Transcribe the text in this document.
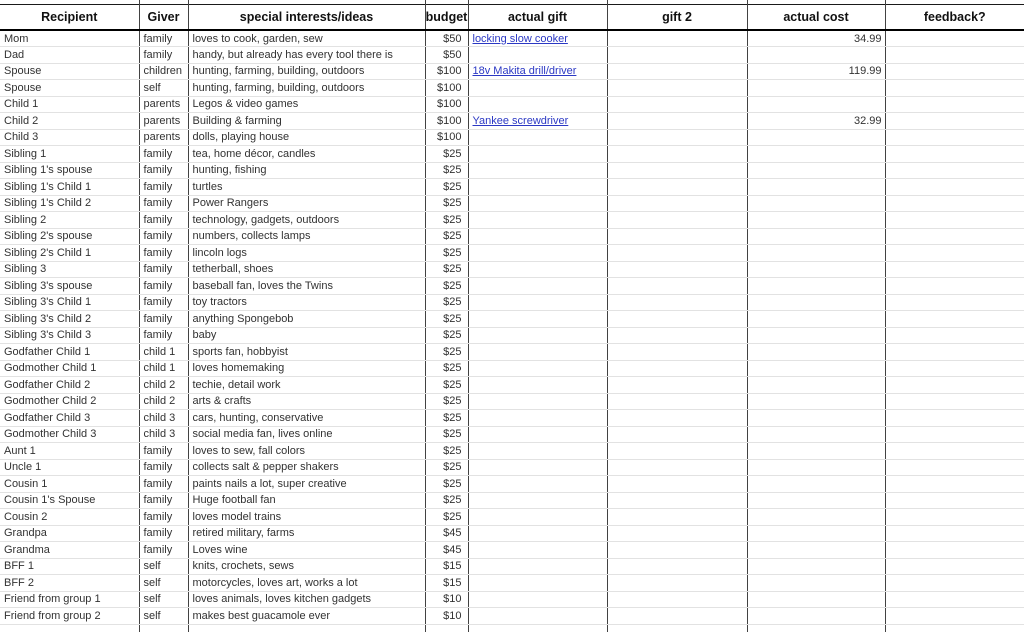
Recipient	Giver	special interests/ideas	budget	actual gift	gift 2	actual cost	feedback?
Mom	family	loves to cook, garden, sew	$50	locking slow cooker		34.99	
Dad	family	handy, but already has every tool there is	$50				
Spouse	children	hunting, farming, building, outdoors	$100	18v Makita drill/driver		119.99	
Spouse	self	hunting, farming, building, outdoors	$100				
Child 1	parents	Legos & video games	$100				
Child 2	parents	Building & farming	$100	Yankee screwdriver		32.99	
Child 3	parents	dolls, playing house	$100				
Sibling 1	family	tea, home décor, candles	$25				
Sibling 1's spouse	family	hunting, fishing	$25				
Sibling 1's Child 1	family	turtles	$25				
Sibling 1's Child 2	family	Power Rangers	$25				
Sibling 2	family	technology, gadgets, outdoors	$25				
Sibling 2's spouse	family	numbers, collects lamps	$25				
Sibling 2's Child 1	family	lincoln logs	$25				
Sibling 3	family	tetherball, shoes	$25				
Sibling 3's spouse	family	baseball fan, loves the Twins	$25				
Sibling 3's Child 1	family	toy tractors	$25				
Sibling 3's Child 2	family	anything Spongebob	$25				
Sibling 3's Child 3	family	baby	$25				
Godfather Child 1	child 1	sports fan, hobbyist	$25				
Godmother Child 1	child 1	loves homemaking	$25				
Godfather Child 2	child 2	techie, detail work	$25				
Godmother Child 2	child 2	arts & crafts	$25				
Godfather Child 3	child 3	cars, hunting, conservative	$25				
Godmother Child 3	child 3	social media fan, lives online	$25				
Aunt 1	family	loves to sew, fall colors	$25				
Uncle 1	family	collects salt & pepper shakers	$25				
Cousin 1	family	paints nails a lot, super creative	$25				
Cousin 1's Spouse	family	Huge football fan	$25				
Cousin 2	family	loves model trains	$25				
Grandpa	family	retired military, farms	$45				
Grandma	family	Loves wine	$45				
BFF 1	self	knits, crochets, sews	$15				
BFF 2	self	motorcycles, loves art, works a lot	$15				
Friend from group 1	self	loves animals, loves kitchen gadgets	$10				
Friend from group 2	self	makes best guacamole ever	$10				
